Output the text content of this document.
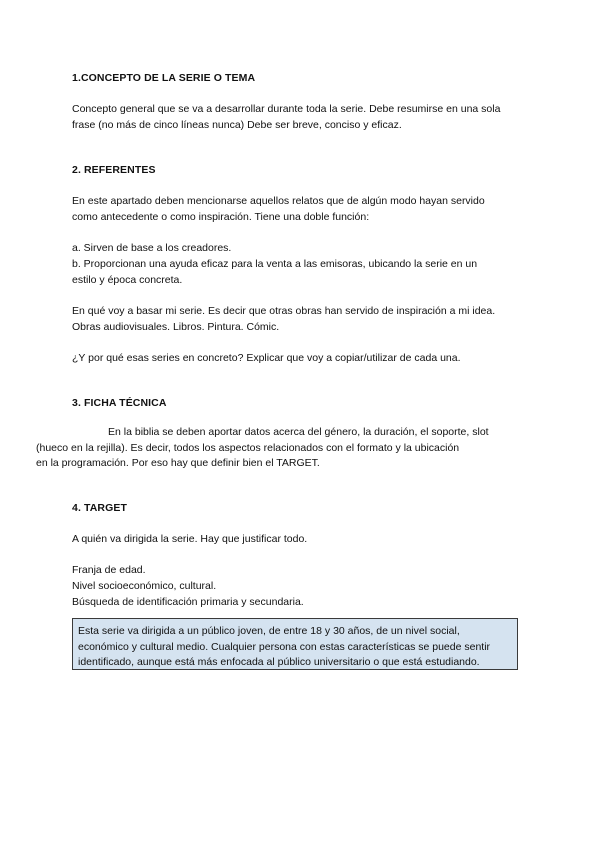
1.CONCEPTO DE LA SERIE O TEMA

Concepto general que se va a desarrollar durante toda la serie. Debe resumirse en una sola
frase (no más de cinco líneas nunca) Debe ser breve, conciso y eficaz.

2. REFERENTES

En este apartado deben mencionarse aquellos relatos que de algún modo hayan servido
como antecedente o como inspiración. Tiene una doble función:

a. Sirven de base a los creadores.
b. Proporcionan una ayuda eficaz para la venta a las emisoras, ubicando la serie en un
estilo y época concreta.

En qué voy a basar mi serie. Es decir que otras obras han servido de inspiración a mi idea.
Obras audiovisuales. Libros. Pintura. Cómic.

¿Y por qué esas series en concreto? Explicar que voy a copiar/utilizar de cada una.

3. FICHA TÉCNICA

En la biblia se deben aportar datos acerca del género, la duración, el soporte, slot
(hueco en la rejilla). Es decir, todos los aspectos relacionados con el formato y la ubicación
en la programación. Por eso hay que definir bien el TARGET.

4. TARGET

A quién va dirigida la serie. Hay que justificar todo.

Franja de edad.
Nivel socioeconómico, cultural.
Búsqueda de identificación primaria y secundaria.

Esta serie va dirigida a un público joven, de entre 18 y 30 años, de un nivel social,
económico y cultural medio. Cualquier persona con estas características se puede sentir
identificado, aunque está más enfocada al público universitario o que está estudiando.
